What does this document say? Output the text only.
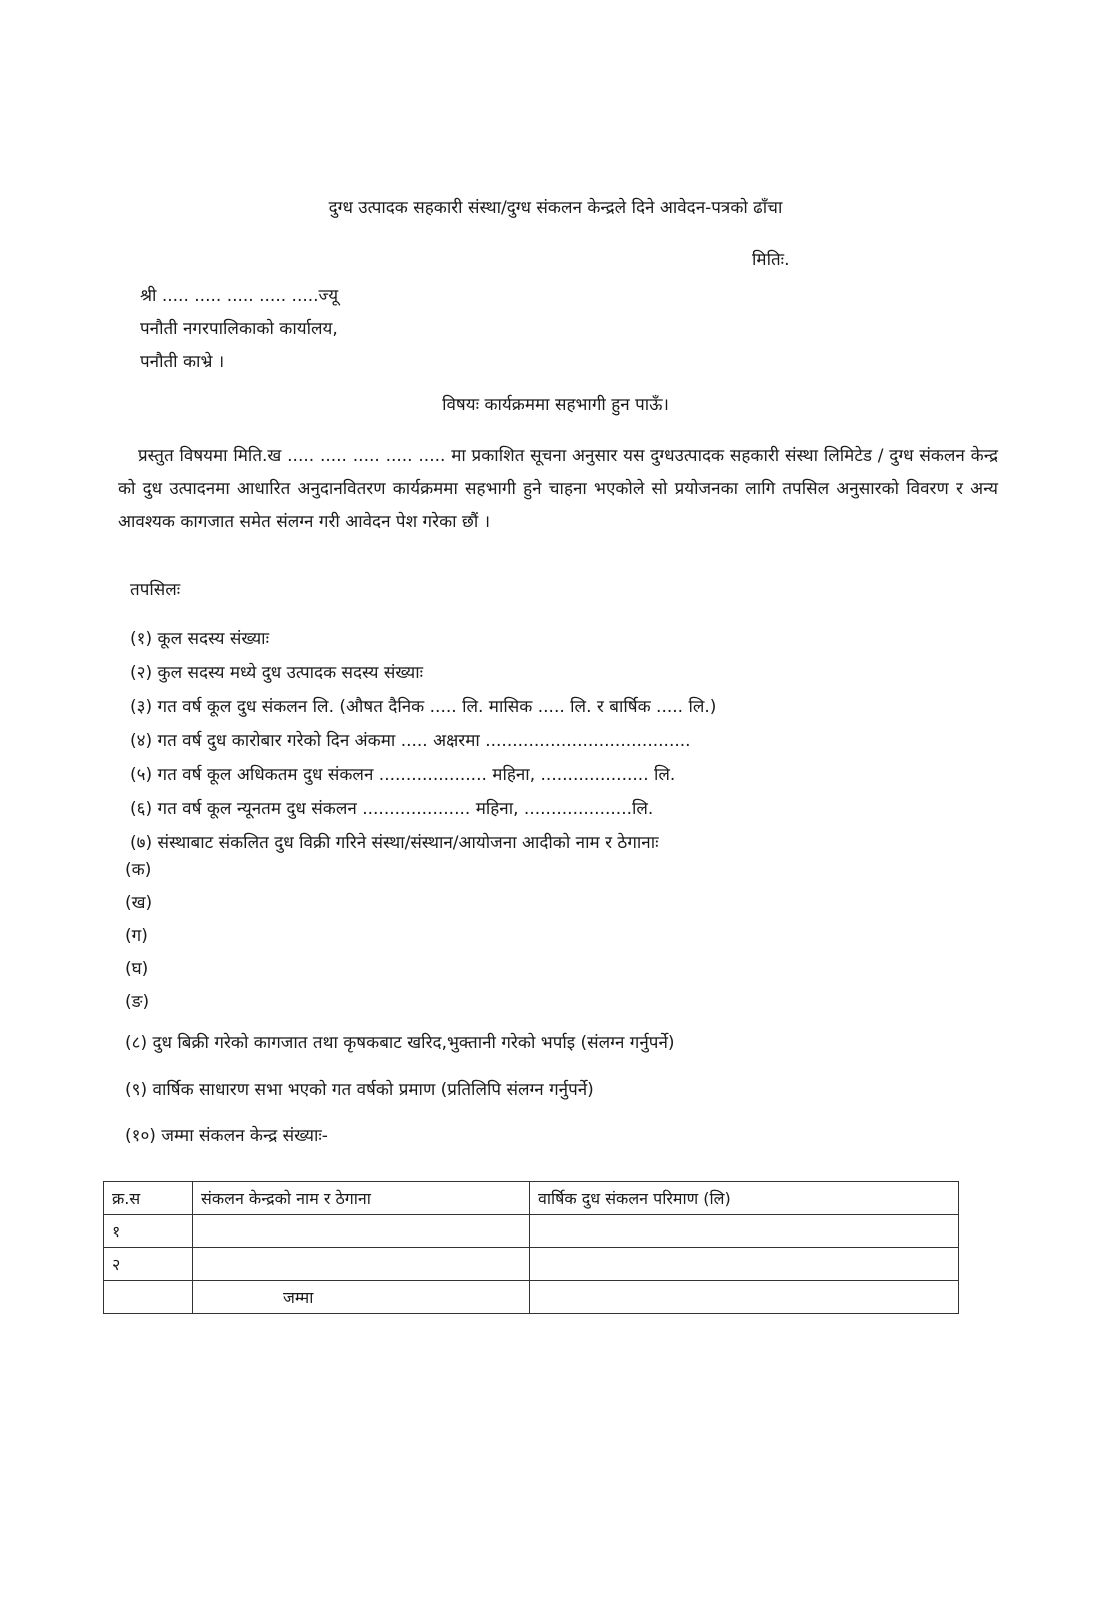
दुग्ध उत्पादक सहकारी संस्था/दुग्ध संकलन केन्द्रले दिने आवेदन-पत्रको ढाँचा
मितिः.
श्री ..... ..... ..... ..... .....ज्यू
पनौती नगरपालिकाको कार्यालय,
पनौती काभ्रे ।
विषयः कार्यक्रममा सहभागी हुन पाऊँ।
प्रस्तुत विषयमा मिति.ख ..... ..... ..... ..... ..... मा प्रकाशित सूचना अनुसार यस दुग्धउत्पादक सहकारी संस्था लिमिटेड / दुग्ध संकलन केन्द्र को दुध उत्पादनमा आधारित अनुदानवितरण कार्यक्रममा सहभागी हुने चाहना भएकोले सो प्रयोजनका लागि तपसिल अनुसारको विवरण र अन्य आवश्यक कागजात समेत संलग्न गरी आवेदन पेश गरेका छौं ।
तपसिलः
(१) कूल सदस्य संख्याः
(२) कुल सदस्य मध्ये दुध उत्पादक सदस्य संख्याः
(३) गत वर्ष कूल दुध संकलन लि. (औषत दैनिक ..... लि. मासिक ..... लि. र बार्षिक ..... लि.)
(४) गत वर्ष दुध कारोबार गरेको दिन अंकमा ..... अक्षरमा ......................................
(५) गत वर्ष कूल अधिकतम दुध संकलन .................... महिना, .................... लि.
(६) गत वर्ष कूल न्यूनतम दुध संकलन .................... महिना, ....................लि.
(७) संस्थाबाट संकलित दुध विक्री गरिने संस्था/संस्थान/आयोजना आदीको नाम र ठेगानाः
(क)
(ख)
(ग)
(घ)
(ङ)
(८) दुध बिक्री गरेको कागजात तथा कृषकबाट खरिद,भुक्तानी गरेको भर्पाइ (संलग्न गर्नुपर्ने)
(९) वार्षिक साधारण सभा भएको गत वर्षको प्रमाण (प्रतिलिपि संलग्न गर्नुपर्ने)
(१०) जम्मा संकलन केन्द्र संख्याः-
क्र.स	संकलन केन्द्रको नाम र ठेगाना	वार्षिक दुध संकलन परिमाण (लि)
१		
२		
	जम्मा	
